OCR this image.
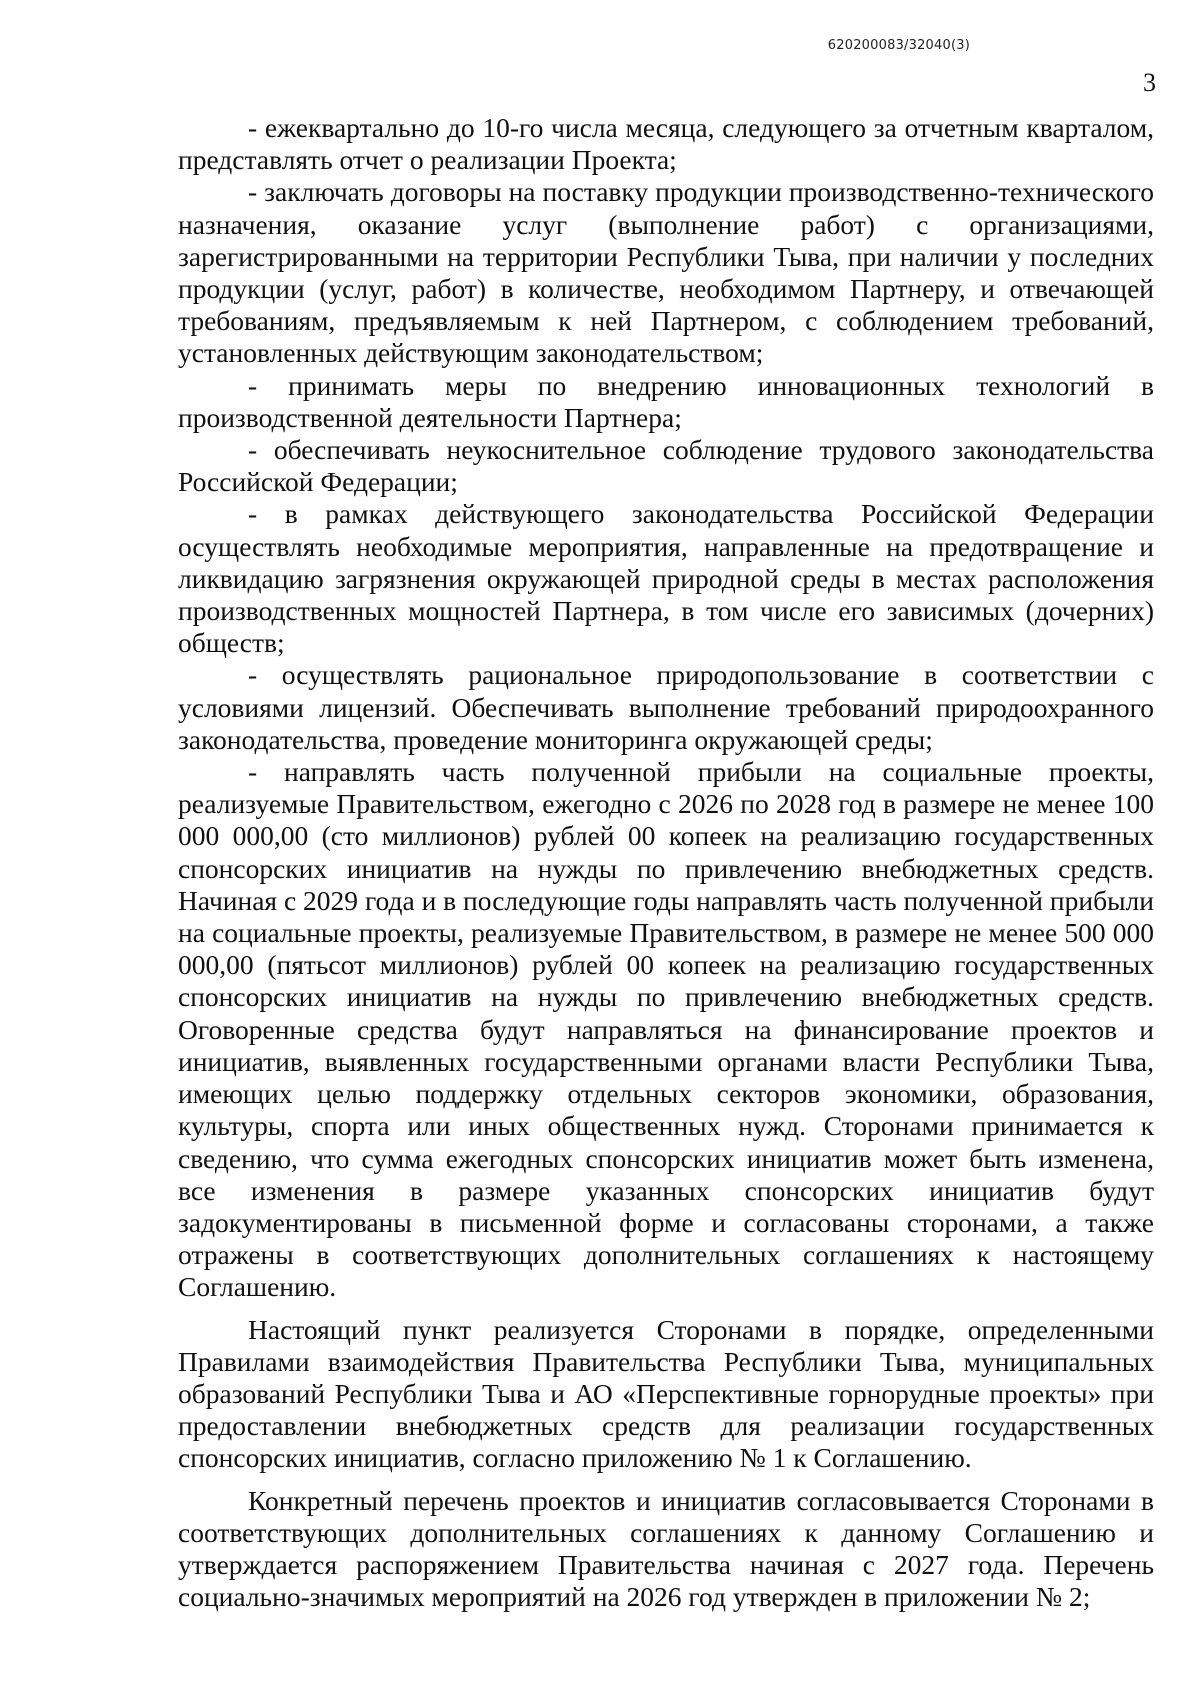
620200083/32040(3)
3

- ежеквартально до 10-го числа месяца, следующего за отчетным кварталом, представлять отчет о реализации Проекта;

- заключать договоры на поставку продукции производственно-технического назначения, оказание услуг (выполнение работ) с организациями, зарегистрированными на территории Республики Тыва, при наличии у последних продукции (услуг, работ) в количестве, необходимом Партнеру, и отвечающей требованиям, предъявляемым к ней Партнером, с соблюдением требований, установленных действующим законодательством;

- принимать меры по внедрению инновационных технологий в производственной деятельности Партнера;

- обеспечивать неукоснительное соблюдение трудового законодательства Российской Федерации;

- в рамках действующего законодательства Российской Федерации осуществлять необходимые мероприятия, направленные на предотвращение и ликвидацию загрязнения окружающей природной среды в местах расположения производственных мощностей Партнера, в том числе его зависимых (дочерних) обществ;

- осуществлять рациональное природопользование в соответствии с условиями лицензий. Обеспечивать выполнение требований природоохранного законодательства, проведение мониторинга окружающей среды;

- направлять часть полученной прибыли на социальные проекты, реализуемые Правительством, ежегодно с 2026 по 2028 год в размере не менее 100 000 000,00 (сто миллионов) рублей 00 копеек на реализацию государственных спонсорских инициатив на нужды по привлечению внебюджетных средств. Начиная с 2029 года и в последующие годы направлять часть полученной прибыли на социальные проекты, реализуемые Правительством, в размере не менее 500 000 000,00 (пятьсот миллионов) рублей 00 копеек на реализацию государственных спонсорских инициатив на нужды по привлечению внебюджетных средств. Оговоренные средства будут направляться на финансирование проектов и инициатив, выявленных государственными органами власти Республики Тыва, имеющих целью поддержку отдельных секторов экономики, образования, культуры, спорта или иных общественных нужд. Сторонами принимается к сведению, что сумма ежегодных спонсорских инициатив может быть изменена, все изменения в размере указанных спонсорских инициатив будут задокументированы в письменной форме и согласованы сторонами, а также отражены в соответствующих дополнительных соглашениях к настоящему Соглашению.

Настоящий пункт реализуется Сторонами в порядке, определенными Правилами взаимодействия Правительства Республики Тыва, муниципальных образований Республики Тыва и АО «Перспективные горнорудные проекты» при предоставлении внебюджетных средств для реализации государственных спонсорских инициатив, согласно приложению № 1 к Соглашению.

Конкретный перечень проектов и инициатив согласовывается Сторонами в соответствующих дополнительных соглашениях к данному Соглашению и утверждается распоряжением Правительства начиная с 2027 года. Перечень социально-значимых мероприятий на 2026 год утвержден в приложении № 2;
